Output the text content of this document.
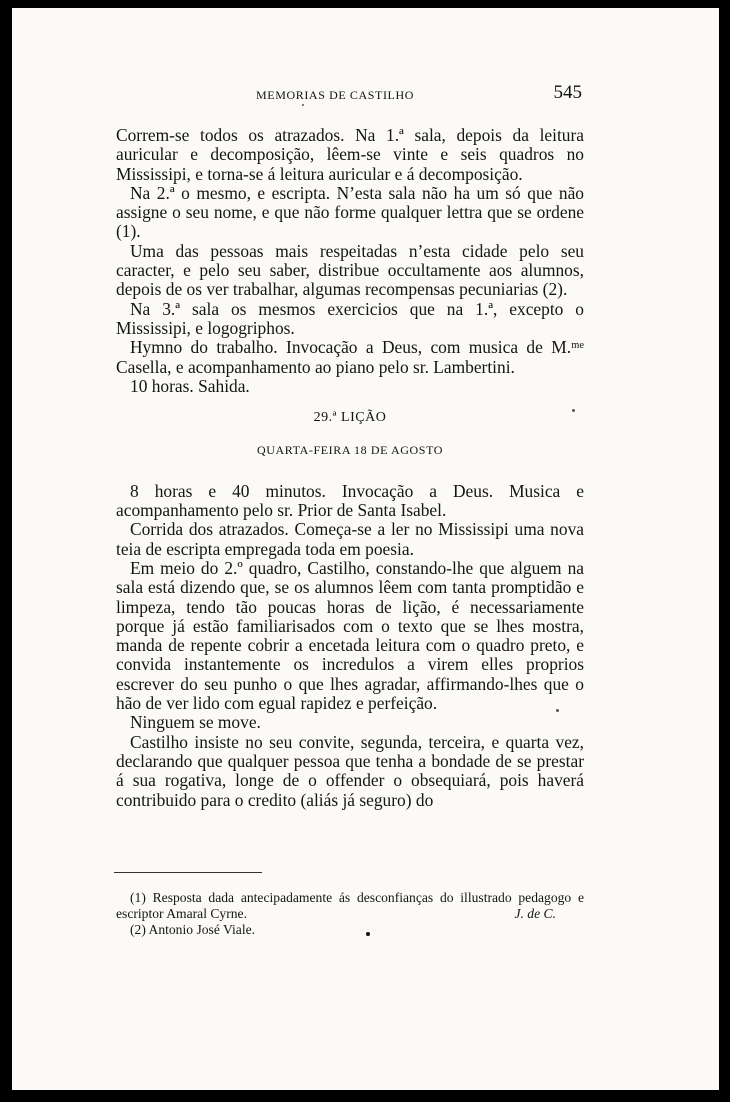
MEMORIAS DE CASTILHO	545

Correm-se todos os atrazados. Na 1.ª sala, depois da leitura auricular e decomposição, lêem-se vinte e seis quadros no Mississipi, e torna-se á leitura auricular e á decomposição.

Na 2.ª o mesmo, e escripta. N’esta sala não ha um só que não assigne o seu nome, e que não forme qualquer lettra que se ordene (1).

Uma das pessoas mais respeitadas n’esta cidade pelo seu caracter, e pelo seu saber, distribue occultamente aos alumnos, depois de os ver trabalhar, algumas recompensas pecuniarias (2).

Na 3.ª sala os mesmos exercicios que na 1.ª, excepto o Mississipi, e logogriphos.

Hymno do trabalho. Invocação a Deus, com musica de M.ᵐᵉ Casella, e acompanhamento ao piano pelo sr. Lambertini.

10 horas. Sahida.

29.ª LIÇÃO
QUARTA-FEIRA 18 DE AGOSTO

8 horas e 40 minutos. Invocação a Deus. Musica e acompanhamento pelo sr. Prior de Santa Isabel.

Corrida dos atrazados. Começa-se a ler no Mississipi uma nova teia de escripta empregada toda em poesia.

Em meio do 2.º quadro, Castilho, constando-lhe que alguem na sala está dizendo que, se os alumnos lêem com tanta promptidão e limpeza, tendo tão poucas horas de lição, é necessariamente porque já estão familiarisados com o texto que se lhes mostra, manda de repente cobrir a encetada leitura com o quadro preto, e convida instantemente os incredulos a virem elles proprios escrever do seu punho o que lhes agradar, affirmando-lhes que o hão de ver lido com egual rapidez e perfeição.

Ninguem se move.

Castilho insiste no seu convite, segunda, terceira, e quarta vez, declarando que qualquer pessoa que tenha a bondade de se prestar á sua rogativa, longe de o offender o obsequiará, pois haverá contribuido para o credito (aliás já seguro) do

(1) Resposta dada antecipadamente ás desconfianças do illustrado pedagogo e escriptor Amaral Cyrne.	J. de C.

(2) Antonio José Viale.
